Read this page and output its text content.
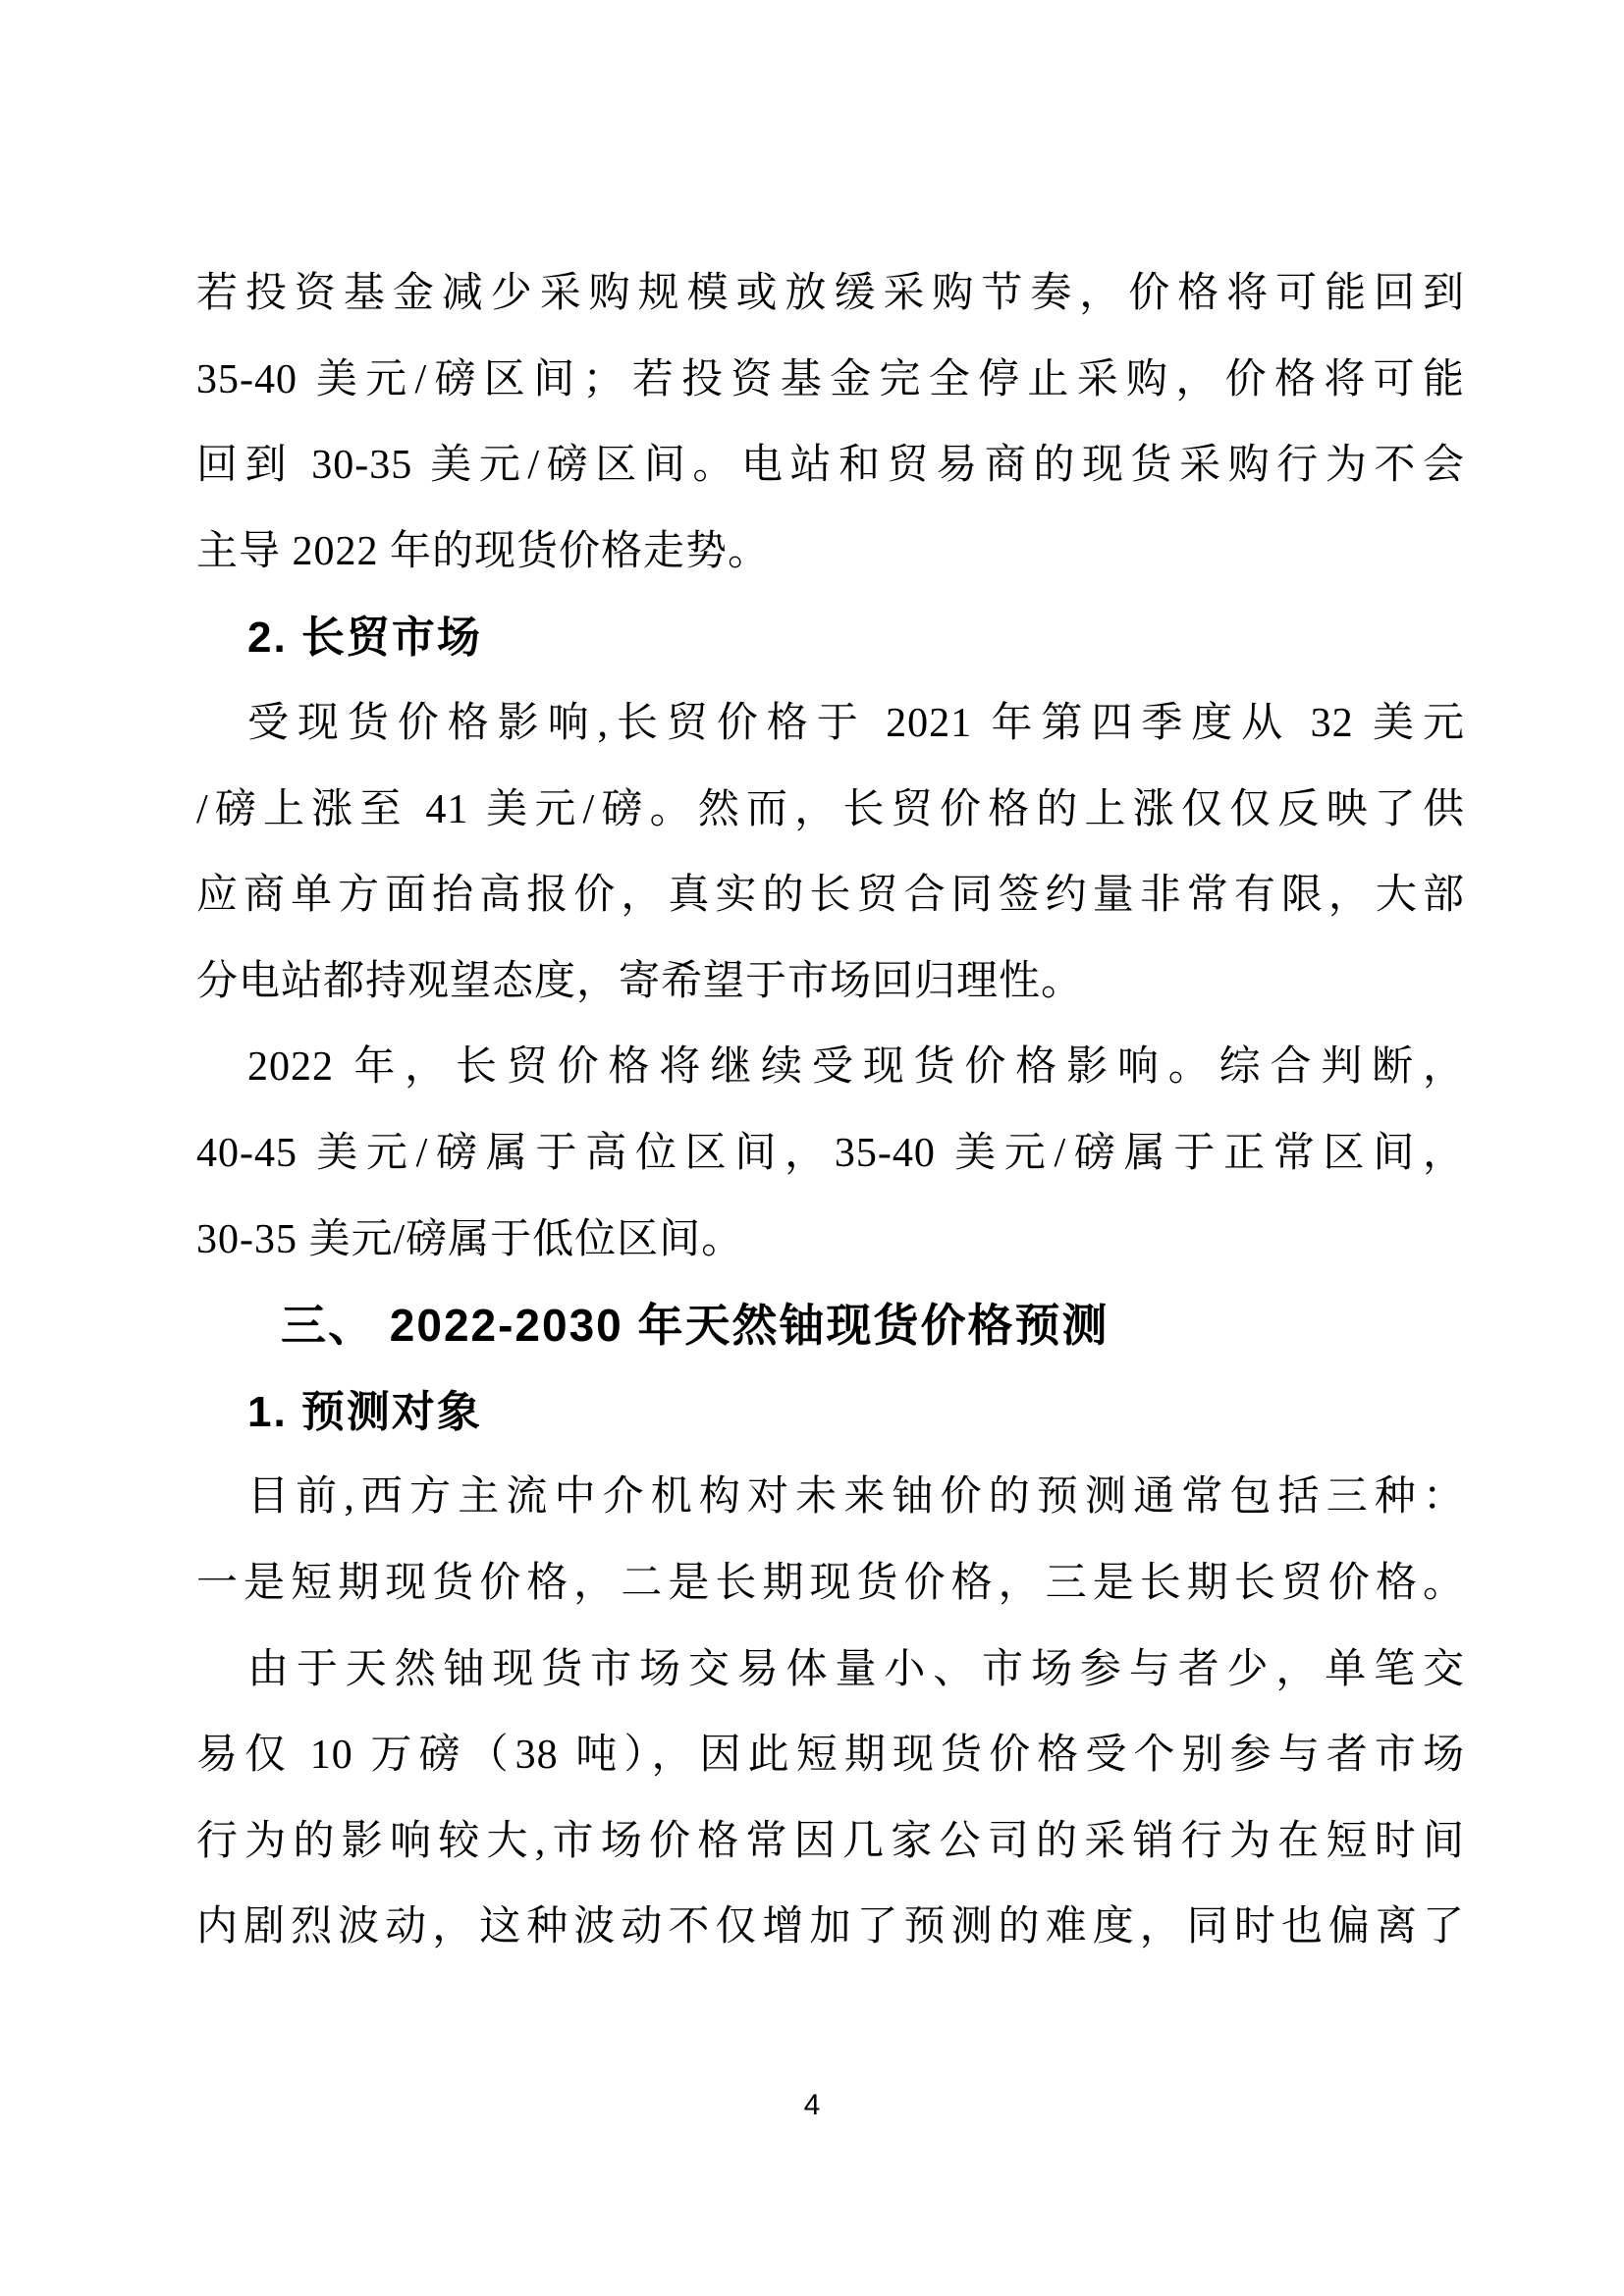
若投资基金减少采购规模或放缓采购节奏，价格将可能回到
35-40 美元/磅区间；若投资基金完全停止采购，价格将可能
回到 30-35 美元/磅区间。电站和贸易商的现货采购行为不会
主导 2022 年的现货价格走势。
2. 长贸市场
受现货价格影响,长贸价格于 2021 年第四季度从 32 美元
/磅上涨至 41 美元/磅。然而，长贸价格的上涨仅仅反映了供
应商单方面抬高报价，真实的长贸合同签约量非常有限，大部
分电站都持观望态度，寄希望于市场回归理性。
2022 年，长贸价格将继续受现货价格影响。综合判断，
40-45 美元/磅属于高位区间，35-40 美元/磅属于正常区间，
30-35 美元/磅属于低位区间。
三、 2022-2030 年天然铀现货价格预测
1. 预测对象
目前,西方主流中介机构对未来铀价的预测通常包括三种：
一是短期现货价格，二是长期现货价格，三是长期长贸价格。
由于天然铀现货市场交易体量小、市场参与者少，单笔交
易仅 10 万磅（38 吨），因此短期现货价格受个别参与者市场
行为的影响较大,市场价格常因几家公司的采销行为在短时间
内剧烈波动，这种波动不仅增加了预测的难度，同时也偏离了
4
